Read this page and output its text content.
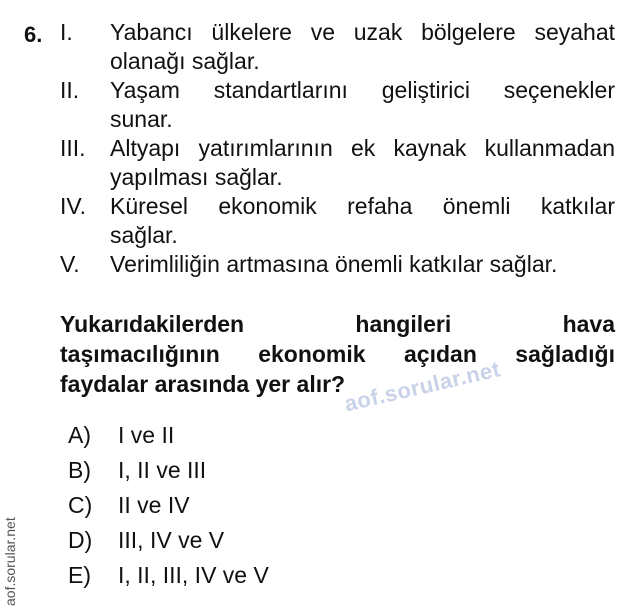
6. I.	Yabancı ülkelere ve uzak bölgelere seyahat
olanağı sağlar.
II.	Yaşam standartlarını geliştirici seçenekler
sunar.
III.	Altyapı yatırımlarının ek kaynak kullanmadan
yapılması sağlar.
IV.	Küresel ekonomik refaha önemli katkılar
sağlar.
V.	Verimliliğin artmasına önemli katkılar sağlar.
Yukarıdakilerden hangileri hava
taşımacılığının ekonomik açıdan sağladığı
faydalar arasında yer alır?
aof.sorular.net
A)	I ve II
B)	I, II ve III
C)	II ve IV
D)	III, IV ve V
E)	I, II, III, IV ve V
aof.sorular.net
